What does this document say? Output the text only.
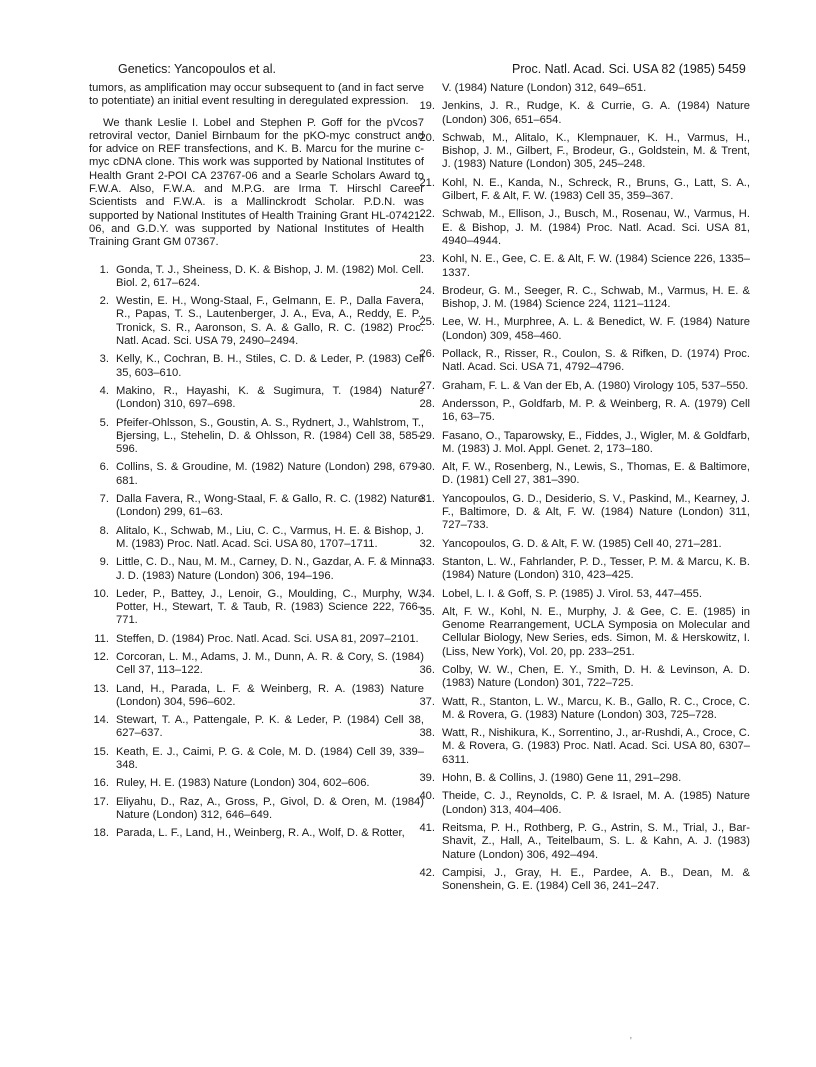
Genetics: Yancopoulos et al.	Proc. Natl. Acad. Sci. USA 82 (1985) 5459

tumors, as amplification may occur subsequent to (and in fact serve to potentiate) an initial event resulting in deregulated expression.

We thank Leslie I. Lobel and Stephen P. Goff for the pVcos7 retroviral vector, Daniel Birnbaum for the pKO-myc construct and for advice on REF transfections, and K. B. Marcu for the murine c-myc cDNA clone. This work was supported by National Institutes of Health Grant 2-POI CA 23767-06 and a Searle Scholars Award to F.W.A. Also, F.W.A. and M.P.G. are Irma T. Hirschl Career Scientists and F.W.A. is a Mallinckrodt Scholar. P.D.N. was supported by National Institutes of Health Training Grant HL-07421-06, and G.D.Y. was supported by National Institutes of Health Training Grant GM 07367.

1. Gonda, T. J., Sheiness, D. K. & Bishop, J. M. (1982) Mol. Cell. Biol. 2, 617–624.
2. Westin, E. H., Wong-Staal, F., Gelmann, E. P., Dalla Favera, R., Papas, T. S., Lautenberger, J. A., Eva, A., Reddy, E. P., Tronick, S. R., Aaronson, S. A. & Gallo, R. C. (1982) Proc. Natl. Acad. Sci. USA 79, 2490–2494.
3. Kelly, K., Cochran, B. H., Stiles, C. D. & Leder, P. (1983) Cell 35, 603–610.
4. Makino, R., Hayashi, K. & Sugimura, T. (1984) Nature (London) 310, 697–698.
5. Pfeifer-Ohlsson, S., Goustin, A. S., Rydnert, J., Wahlstrom, T., Bjersing, L., Stehelin, D. & Ohlsson, R. (1984) Cell 38, 585–596.
6. Collins, S. & Groudine, M. (1982) Nature (London) 298, 679–681.
7. Dalla Favera, R., Wong-Staal, F. & Gallo, R. C. (1982) Nature (London) 299, 61–63.
8. Alitalo, K., Schwab, M., Liu, C. C., Varmus, H. E. & Bishop, J. M. (1983) Proc. Natl. Acad. Sci. USA 80, 1707–1711.
9. Little, C. D., Nau, M. M., Carney, D. N., Gazdar, A. F. & Minna, J. D. (1983) Nature (London) 306, 194–196.
10. Leder, P., Battey, J., Lenoir, G., Moulding, C., Murphy, W., Potter, H., Stewart, T. & Taub, R. (1983) Science 222, 766–771.
11. Steffen, D. (1984) Proc. Natl. Acad. Sci. USA 81, 2097–2101.
12. Corcoran, L. M., Adams, J. M., Dunn, A. R. & Cory, S. (1984) Cell 37, 113–122.
13. Land, H., Parada, L. F. & Weinberg, R. A. (1983) Nature (London) 304, 596–602.
14. Stewart, T. A., Pattengale, P. K. & Leder, P. (1984) Cell 38, 627–637.
15. Keath, E. J., Caimi, P. G. & Cole, M. D. (1984) Cell 39, 339–348.
16. Ruley, H. E. (1983) Nature (London) 304, 602–606.
17. Eliyahu, D., Raz, A., Gross, P., Givol, D. & Oren, M. (1984) Nature (London) 312, 646–649.
18. Parada, L. F., Land, H., Weinberg, R. A., Wolf, D. & Rotter,
V. (1984) Nature (London) 312, 649–651.
19. Jenkins, J. R., Rudge, K. & Currie, G. A. (1984) Nature (London) 306, 651–654.
20. Schwab, M., Alitalo, K., Klempnauer, K. H., Varmus, H., Bishop, J. M., Gilbert, F., Brodeur, G., Goldstein, M. & Trent, J. (1983) Nature (London) 305, 245–248.
21. Kohl, N. E., Kanda, N., Schreck, R., Bruns, G., Latt, S. A., Gilbert, F. & Alt, F. W. (1983) Cell 35, 359–367.
22. Schwab, M., Ellison, J., Busch, M., Rosenau, W., Varmus, H. E. & Bishop, J. M. (1984) Proc. Natl. Acad. Sci. USA 81, 4940–4944.
23. Kohl, N. E., Gee, C. E. & Alt, F. W. (1984) Science 226, 1335–1337.
24. Brodeur, G. M., Seeger, R. C., Schwab, M., Varmus, H. E. & Bishop, J. M. (1984) Science 224, 1121–1124.
25. Lee, W. H., Murphree, A. L. & Benedict, W. F. (1984) Nature (London) 309, 458–460.
26. Pollack, R., Risser, R., Coulon, S. & Rifken, D. (1974) Proc. Natl. Acad. Sci. USA 71, 4792–4796.
27. Graham, F. L. & Van der Eb, A. (1980) Virology 105, 537–550.
28. Andersson, P., Goldfarb, M. P. & Weinberg, R. A. (1979) Cell 16, 63–75.
29. Fasano, O., Taparowsky, E., Fiddes, J., Wigler, M. & Goldfarb, M. (1983) J. Mol. Appl. Genet. 2, 173–180.
30. Alt, F. W., Rosenberg, N., Lewis, S., Thomas, E. & Baltimore, D. (1981) Cell 27, 381–390.
31. Yancopoulos, G. D., Desiderio, S. V., Paskind, M., Kearney, J. F., Baltimore, D. & Alt, F. W. (1984) Nature (London) 311, 727–733.
32. Yancopoulos, G. D. & Alt, F. W. (1985) Cell 40, 271–281.
33. Stanton, L. W., Fahrlander, P. D., Tesser, P. M. & Marcu, K. B. (1984) Nature (London) 310, 423–425.
34. Lobel, L. I. & Goff, S. P. (1985) J. Virol. 53, 447–455.
35. Alt, F. W., Kohl, N. E., Murphy, J. & Gee, C. E. (1985) in Genome Rearrangement, UCLA Symposia on Molecular and Cellular Biology, New Series, eds. Simon, M. & Herskowitz, I. (Liss, New York), Vol. 20, pp. 233–251.
36. Colby, W. W., Chen, E. Y., Smith, D. H. & Levinson, A. D. (1983) Nature (London) 301, 722–725.
37. Watt, R., Stanton, L. W., Marcu, K. B., Gallo, R. C., Croce, C. M. & Rovera, G. (1983) Nature (London) 303, 725–728.
38. Watt, R., Nishikura, K., Sorrentino, J., ar-Rushdi, A., Croce, C. M. & Rovera, G. (1983) Proc. Natl. Acad. Sci. USA 80, 6307–6311.
39. Hohn, B. & Collins, J. (1980) Gene 11, 291–298.
40. Theide, C. J., Reynolds, C. P. & Israel, M. A. (1985) Nature (London) 313, 404–406.
41. Reitsma, P. H., Rothberg, P. G., Astrin, S. M., Trial, J., Bar-Shavit, Z., Hall, A., Teitelbaum, S. L. & Kahn, A. J. (1983) Nature (London) 306, 492–494.
42. Campisi, J., Gray, H. E., Pardee, A. B., Dean, M. & Sonenshein, G. E. (1984) Cell 36, 241–247.
'
